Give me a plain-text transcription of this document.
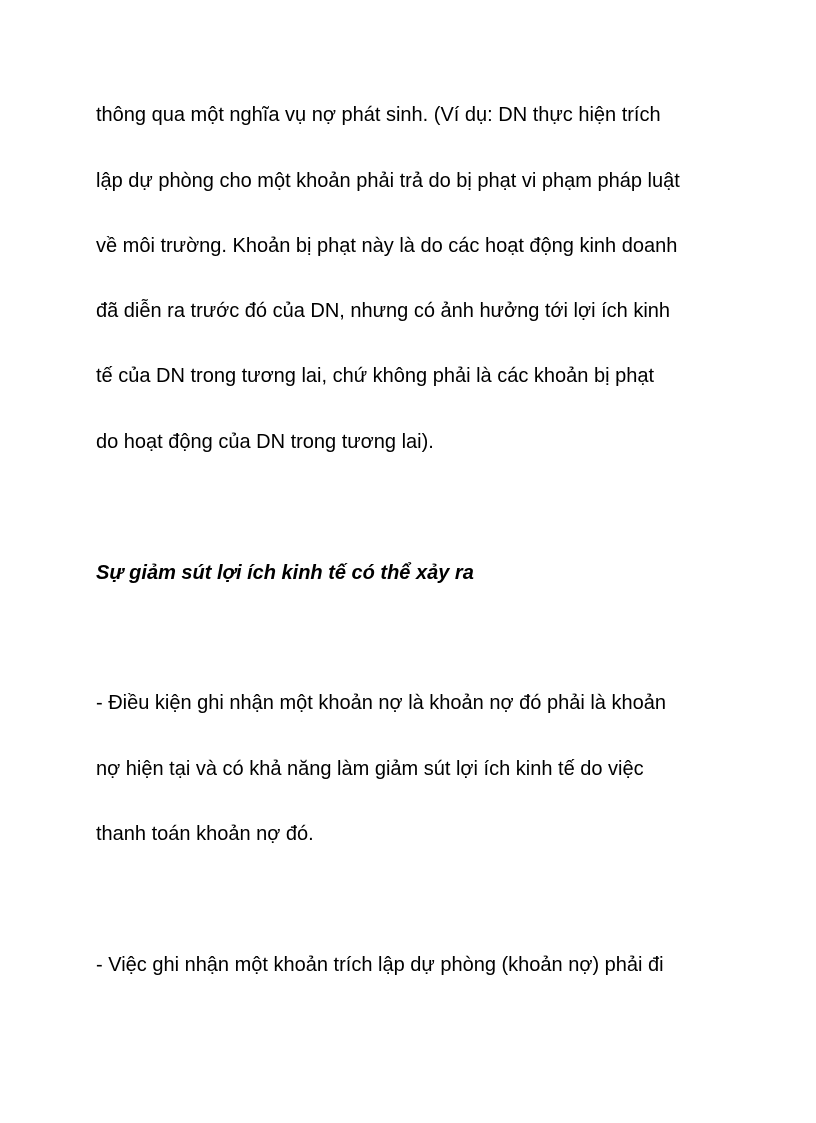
thông qua một nghĩa vụ nợ phát sinh. (Ví dụ: DN thực hiện trích

lập dự phòng cho một khoản phải trả do bị phạt vi phạm pháp luật

về môi trường. Khoản bị phạt này là do các hoạt động kinh doanh

đã diễn ra trước đó của DN, nhưng có ảnh hưởng tới lợi ích kinh

tế của DN trong tương lai, chứ không phải là các khoản bị phạt

do hoạt động của DN trong tương lai).

Sự giảm sút lợi ích kinh tế có thể xảy ra

- Điều kiện ghi nhận một khoản nợ là khoản nợ đó phải là khoản

nợ hiện tại và có khả năng làm giảm sút lợi ích kinh tế do việc

thanh toán khoản nợ đó.

- Việc ghi nhận một khoản trích lập dự phòng (khoản nợ) phải đi
